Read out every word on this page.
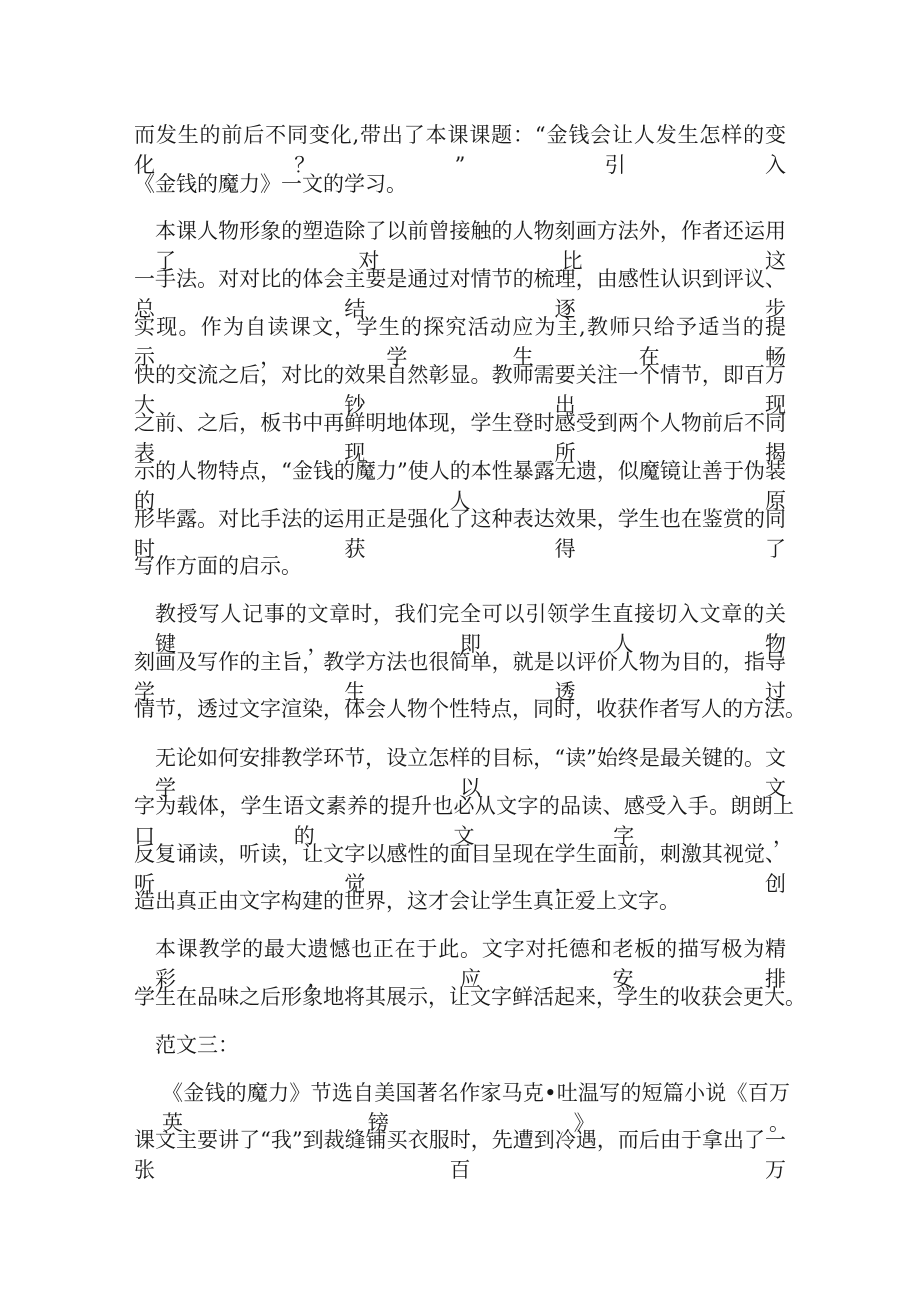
而发生的前后不同变化,带出了本课课题：“金钱会让人发生怎样的变化？”引入
《金钱的魔力》一文的学习。
本课人物形象的塑造除了以前曾接触的人物刻画方法外，作者还运用了对比这
一手法。对对比的体会主要是通过对情节的梳理，由感性认识到评议、总结逐步
实现。作为自读课文，学生的探究活动应为主,教师只给予适当的提示，学生在畅
快的交流之后，对比的效果自然彰显。教师需要关注一个情节，即百万大钞出现
之前、之后，板书中再鲜明地体现，学生登时感受到两个人物前后不同表现所揭
示的人物特点，“金钱的魔力”使人的本性暴露无遗，似魔镜让善于伪装的人原
形毕露。对比手法的运用正是强化了这种表达效果，学生也在鉴赏的同时获得了
写作方面的启示。
教授写人记事的文章时，我们完全可以引领学生直接切入文章的关键，即人物
刻画及写作的主旨，教学方法也很简单，就是以评价人物为目的，指导学生透过
情节，透过文字渲染，体会人物个性特点，同时，收获作者写人的方法。
无论如何安排教学环节，设立怎样的目标，“读”始终是最关键的。文学以文
字为载体，学生语文素养的提升也必从文字的品读、感受入手。朗朗上口的文字，
反复诵读，听读，让文字以感性的面目呈现在学生面前，刺激其视觉、听觉，创
造出真正由文字构建的世界，这才会让学生真正爱上文字。
本课教学的最大遗憾也正在于此。文字对托德和老板的描写极为精彩，应安排
学生在品味之后形象地将其展示，让文字鲜活起来，学生的收获会更大。
范文三：
《金钱的魔力》节选自美国著名作家马克•吐温写的短篇小说《百万英镑》。
课文主要讲了“我”到裁缝铺买衣服时，先遭到冷遇，而后由于拿出了一张百万
